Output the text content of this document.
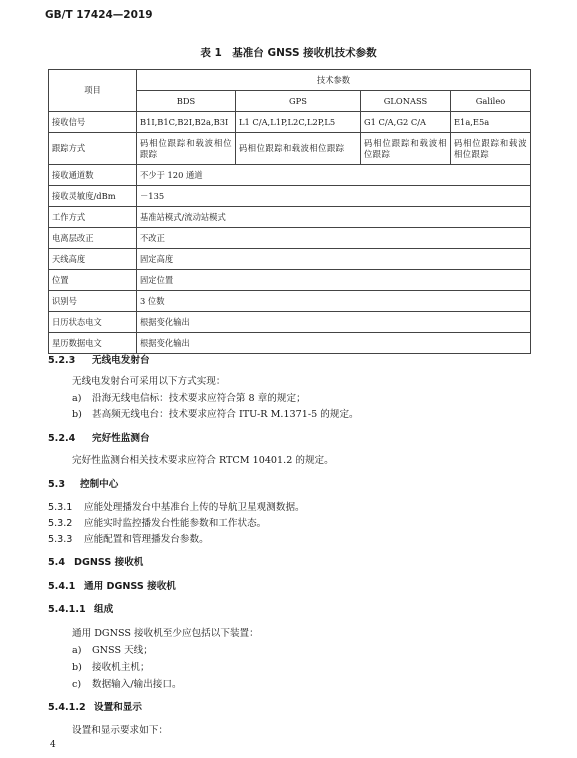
GB/T 17424—2019
表 1　基准台 GNSS 接收机技术参数
项目	技术参数			
	BDS	GPS	GLONASS	Galileo
接收信号	B1I,B1C,B2I,B2a,B3I	L1 C/A,L1P,L2C,L2P,L5	G1 C/A,G2 C/A	E1a,E5a
跟踪方式	码相位跟踪和载波相位跟踪	码相位跟踪和载波相位跟踪	码相位跟踪和载波相位跟踪	码相位跟踪和载波相位跟踪
接收通道数	不少于 120 通道			
接收灵敏度/dBm	－135			
工作方式	基准站模式/流动站模式			
电离层改正	不改正			
天线高度	固定高度			
位置	固定位置			
识别号	3 位数			
日历状态电文	根据变化输出			
星历数据电文	根据变化输出			
5.2.3 无线电发射台
无线电发射台可采用以下方式实现：
a) 沿海无线电信标：技术要求应符合第 8 章的规定；
b) 甚高频无线电台：技术要求应符合 ITU-R M.1371-5 的规定。
5.2.4 完好性监测台
完好性监测台相关技术要求应符合 RTCM 10401.2 的规定。
5.3 控制中心
5.3.1 应能处理播发台中基准台上传的导航卫星观测数据。
5.3.2 应能实时监控播发台性能参数和工作状态。
5.3.3 应能配置和管理播发台参数。
5.4 DGNSS 接收机
5.4.1 通用 DGNSS 接收机
5.4.1.1 组成
通用 DGNSS 接收机至少应包括以下装置：
a) GNSS 天线；
b) 接收机主机；
c) 数据输入/输出接口。
5.4.1.2 设置和显示
设置和显示要求如下：
4
